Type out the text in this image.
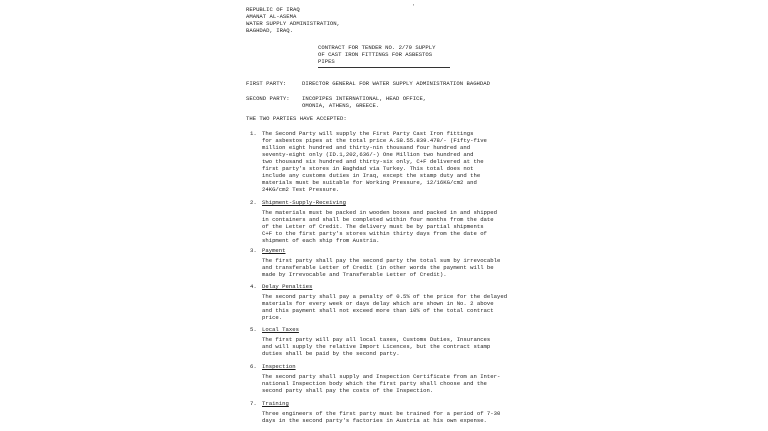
REPUBLIC OF IRAQ
AMANAT AL-ASEMA
WATER SUPPLY ADMINISTRATION,
BAGHDAD, IRAQ.
CONTRACT FOR TENDER NO. 2/79 SUPPLY
OF CAST IRON FITTINGS FOR ASBESTOS
PIPES
FIRST PARTY:	DIRECTOR GENERAL FOR WATER SUPPLY ADMINISTRATION BAGHDAD
SECOND PARTY: INCOPIPES INTERNATIONAL, HEAD OFFICE,
OMONIA, ATHENS, GREECE.
THE TWO PARTIES HAVE ACCEPTED:
1. The Second Party will supply the First Party Cast Iron fittings
for asbestos pipes at the total price A.S8.55.839.478/- (Fifty-five
million eight hundred and thirty-nin thousand four hundred and
seventy-eight only (ID.1,202,636/-) One Million two hundred and
two thousand six hundred and thirty-six only, C+F delivered at the
first party's stores in Baghdad via Turkey. This total does not
include any customs duties in Iraq, except the stamp duty and the
materials must be suitable for Working Pressure, 12/16KG/cm2 and
24KG/cm2 Test Pressure.
2. Shipment-Supply-Receiving
The materials must be packed in wooden boxes and packed in and shipped
in containers and shall be completed within four months from the date
of the Letter of Credit. The delivery must be by partial shipments
C+F to the first party's stores within thirty days from the date of
shipment of each ship from Austria.
3. Payment
The first party shall pay the second party the total sum by irrevocable
and transferable Letter of Credit (in other words the payment will be
made by Irrevocable and Transferable Letter of Credit).
4. Delay Penalties
The second party shall pay a penalty of 0.5% of the price for the delayed
materials for every week or days delay which are shown in No. 2 above
and this payment shall not exceed more than 10% of the total contract
price.
5. Local Taxes
The first party will pay all local taxes, Customs Duties, Insurances
and will supply the relative Import Licences, but the contract stamp
duties shall be paid by the second party.
6. Inspection
The second party shall supply and Inspection Certificate from an Inter-
national Inspection body which the first party shall choose and the
second party shall pay the costs of the Inspection.
7. Training
Three engineers of the first party must be trained for a period of 7-30
days in the second party's factories in Austria at his own expense.
'
